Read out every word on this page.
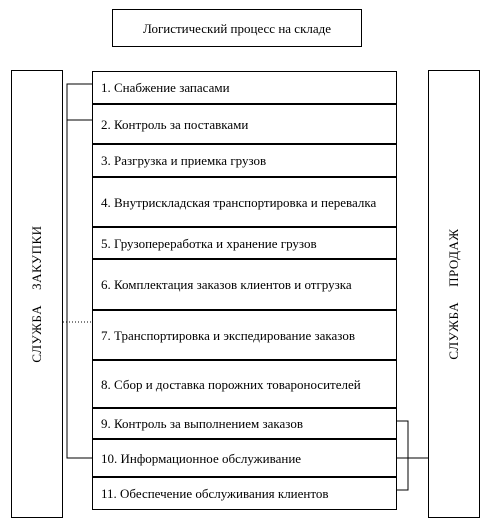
Логистический процесс на складе
СЛУЖБА    ЗАКУПКИ	СЛУЖБА    ПРОДАЖ
1. Снабжение запасами
2. Контроль за поставками
3. Разгрузка и приемка грузов
4. Внутрискладская транспортировка и перевалка
5. Грузопереработка и хранение грузов
6. Комплектация заказов клиентов и отгрузка
7. Транспортировка и экспедирование заказов
8. Сбор и доставка порожних товароносителей
9. Контроль за выполнением заказов
10. Информационное обслуживание
11. Обеспечение обслуживания клиентов
